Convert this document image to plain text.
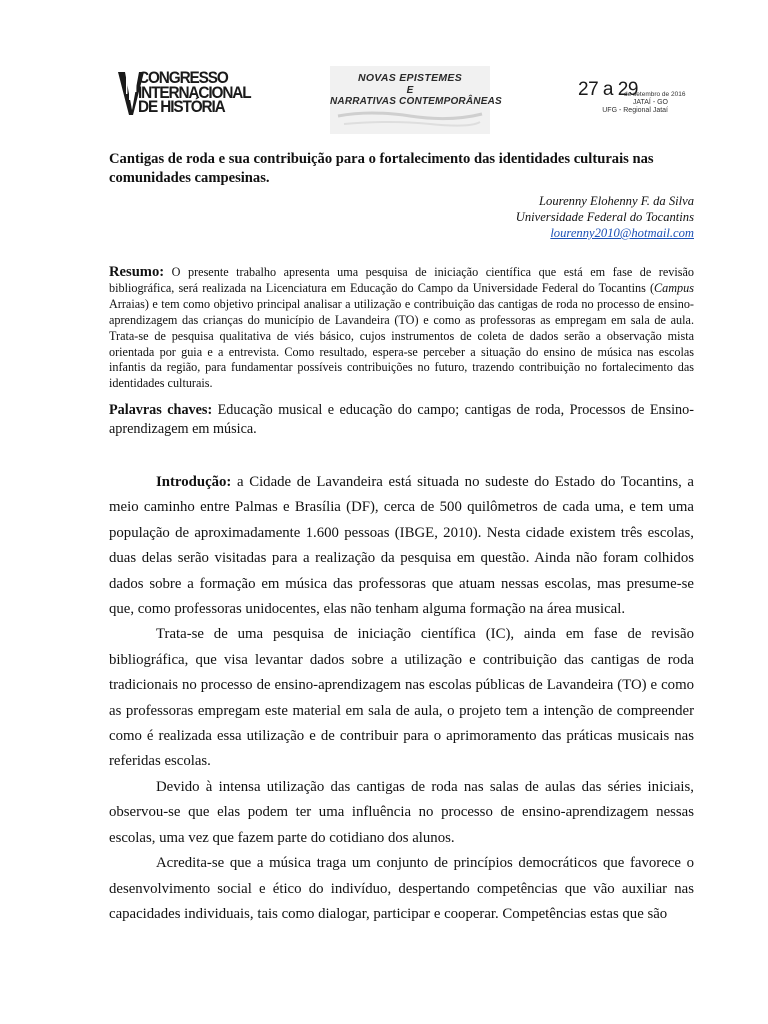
CONGRESSO
INTERNACIONAL
DE HISTÓRIA
NOVAS EPISTEMES
E
NARRATIVAS CONTEMPORÂNEAS
27 a 29
de setembro de 2016
JATAÍ - GO
UFG - Regional Jataí
Cantigas de roda e sua contribuição para o fortalecimento das identidades culturais nas comunidades campesinas.
Lourenny Elohenny F. da Silva
Universidade Federal do Tocantins
lourenny2010@hotmail.com

Resumo: O presente trabalho apresenta uma pesquisa de iniciação científica que está em fase de revisão bibliográfica, será realizada na Licenciatura em Educação do Campo da Universidade Federal do Tocantins (Campus Arraias) e tem como objetivo principal analisar a utilização e contribuição das cantigas de roda no processo de ensino-aprendizagem das crianças do município de Lavandeira (TO) e como as professoras as empregam em sala de aula. Trata-se de pesquisa qualitativa de viés básico, cujos instrumentos de coleta de dados serão a observação mista orientada por guia e a entrevista. Como resultado, espera-se perceber a situação do ensino de música nas escolas infantis da região, para fundamentar possíveis contribuições no futuro, trazendo contribuição no fortalecimento das identidades culturais.

Palavras chaves: Educação musical e educação do campo; cantigas de roda, Processos de Ensino-aprendizagem em música.

Introdução: a Cidade de Lavandeira está situada no sudeste do Estado do Tocantins, a meio caminho entre Palmas e Brasília (DF), cerca de 500 quilômetros de cada uma, e tem uma população de aproximadamente 1.600 pessoas (IBGE, 2010). Nesta cidade existem três escolas, duas delas serão visitadas para a realização da pesquisa em questão. Ainda não foram colhidos dados sobre a formação em música das professoras que atuam nessas escolas, mas presume-se que, como professoras unidocentes, elas não tenham alguma formação na área musical.

Trata-se de uma pesquisa de iniciação científica (IC), ainda em fase de revisão bibliográfica, que visa levantar dados sobre a utilização e contribuição das cantigas de roda tradicionais no processo de ensino-aprendizagem nas escolas públicas de Lavandeira (TO) e como as professoras empregam este material em sala de aula, o projeto tem a intenção de compreender como é realizada essa utilização e de contribuir para o aprimoramento das práticas musicais nas referidas escolas.

Devido à intensa utilização das cantigas de roda nas salas de aulas das séries iniciais, observou-se que elas podem ter uma influência no processo de ensino-aprendizagem nessas escolas, uma vez que fazem parte do cotidiano dos alunos.

Acredita-se que a música traga um conjunto de princípios democráticos que favorece o desenvolvimento social e ético do indivíduo, despertando competências que vão auxiliar nas capacidades individuais, tais como dialogar, participar e cooperar. Competências estas que são
